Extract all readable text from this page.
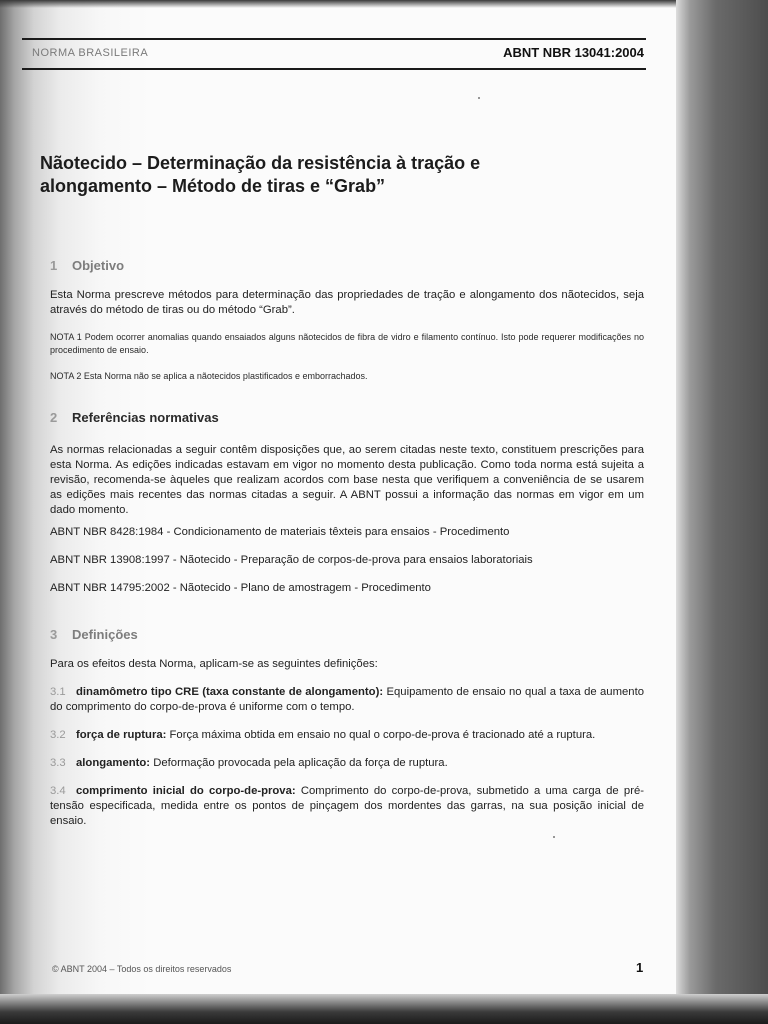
NORMA BRASILEIRA	ABNT NBR 13041:2004
Nãotecido – Determinação da resistência à tração e
alongamento – Método de tiras e “Grab”
1 Objetivo
Esta Norma prescreve métodos para determinação das propriedades de tração e alongamento dos nãotecidos, seja através do método de tiras ou do método “Grab”.
NOTA 1 Podem ocorrer anomalias quando ensaiados alguns nãotecidos de fibra de vidro e filamento contínuo. Isto pode requerer modificações no procedimento de ensaio.
NOTA 2 Esta Norma não se aplica a nãotecidos plastificados e emborrachados.
2 Referências normativas
As normas relacionadas a seguir contêm disposições que, ao serem citadas neste texto, constituem prescrições para esta Norma. As edições indicadas estavam em vigor no momento desta publicação. Como toda norma está sujeita a revisão, recomenda-se àqueles que realizam acordos com base nesta que verifiquem a conveniência de se usarem as edições mais recentes das normas citadas a seguir. A ABNT possui a informação das normas em vigor em um dado momento.
ABNT NBR 8428:1984 - Condicionamento de materiais têxteis para ensaios - Procedimento
ABNT NBR 13908:1997 - Nãotecido - Preparação de corpos-de-prova para ensaios laboratoriais
ABNT NBR 14795:2002 - Nãotecido - Plano de amostragem - Procedimento
3 Definições
Para os efeitos desta Norma, aplicam-se as seguintes definições:
3.1 dinamômetro tipo CRE (taxa constante de alongamento): Equipamento de ensaio no qual a taxa de aumento do comprimento do corpo-de-prova é uniforme com o tempo.
3.2 força de ruptura: Força máxima obtida em ensaio no qual o corpo-de-prova é tracionado até a ruptura.
3.3 alongamento: Deformação provocada pela aplicação da força de ruptura.
3.4 comprimento inicial do corpo-de-prova: Comprimento do corpo-de-prova, submetido a uma carga de pré-tensão especificada, medida entre os pontos de pinçagem dos mordentes das garras, na sua posição inicial de ensaio.
© ABNT 2004 – Todos os direitos reservados	1
